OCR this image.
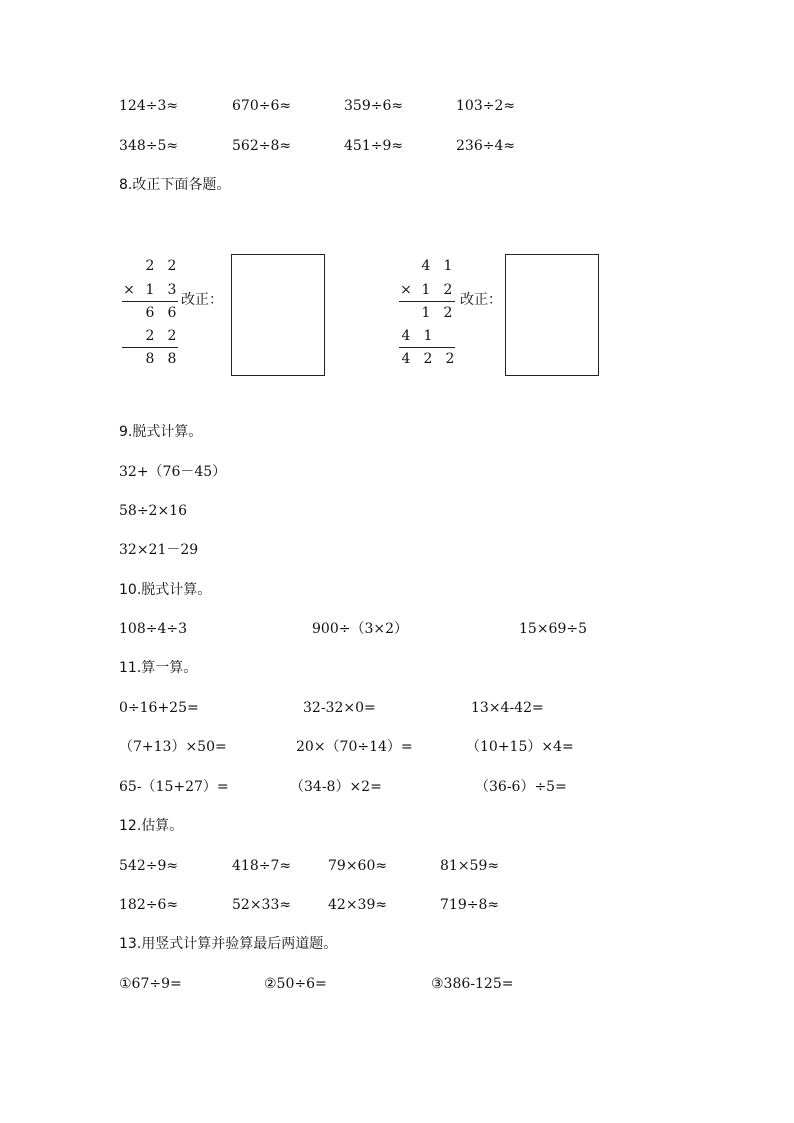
124÷3≈	670÷6≈	359÷6≈	103÷2≈
348÷5≈	562÷8≈	451÷9≈	236÷4≈
8.改正下面各题。
2 2
× 1 3
6 6
2 2
8 8
改正：
4 1
× 1 2
1 2
4 1
4 2 2
改正：
9.脱式计算。
32+（76－45）
58÷2×16
32×21－29
10.脱式计算。
108÷4÷3	900÷（3×2）	15×69÷5
11.算一算。
0÷16+25=	32-32×0=	13×4-42=
（7+13）×50=	20×（70÷14）=	（10+15）×4=
65-（15+27）=	（34-8）×2=	（36-6）÷5=
12.估算。
542÷9≈	418÷7≈	79×60≈	81×59≈
182÷6≈	52×33≈	42×39≈	719÷8≈
13.用竖式计算并验算最后两道题。
①67÷9=	②50÷6=	③386-125=
